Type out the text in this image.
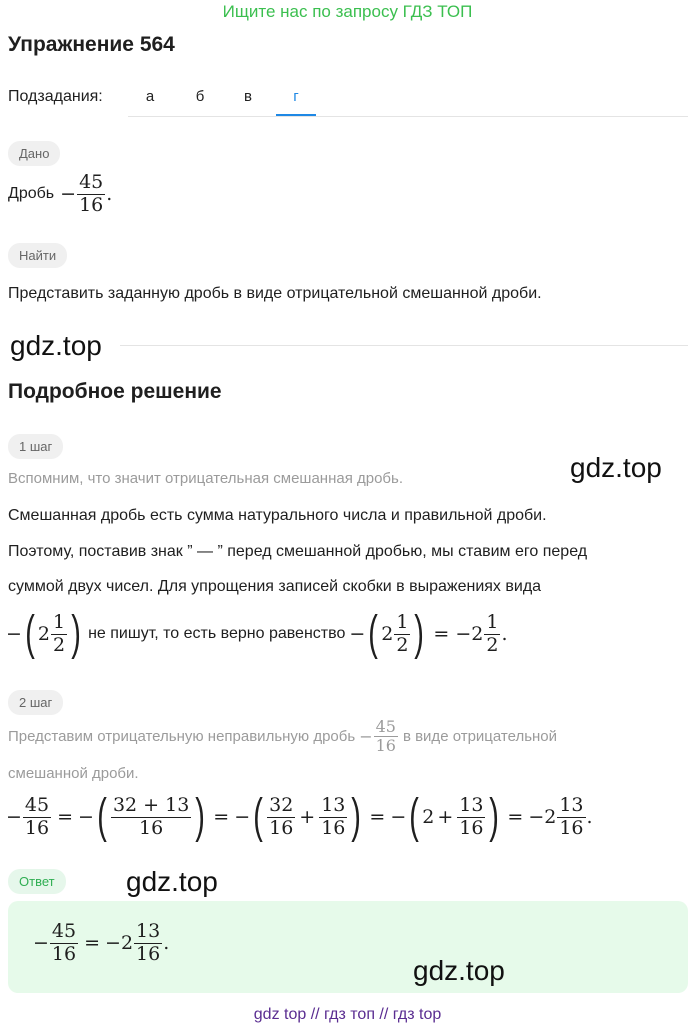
Ищите нас по запросу ГДЗ ТОП
Упражнение 564
Подзадания:	а	б	в	г
Дано
Дробь − $\frac{45}{16}$ .
Найти
Представить заданную дробь в виде отрицательной смешанной дроби.
gdz.top
Подробное решение
1 шаг
gdz.top
Вспомним, что значит отрицательная смешанная дробь.
Смешанная дробь есть сумма натурального числа и правильной дроби.
Поэтому, поставив знак ” — ” перед смешанной дробью, мы ставим его перед
суммой двух чисел. Для упрощения записей скобки в выражениях вида
− ( $2 \frac{1}{2}$ ) не пишут, то есть верно равенство − ( $2 \frac{1}{2}$ ) = − $2 \frac{1}{2}$ .
2 шаг
Представим отрицательную неправильную дробь − $\frac{45}{16}$ в виде отрицательной
смешанной дроби.
− $\frac{45}{16}$ = − ( $\frac{32 + 13}{16}$ ) = − ( $\frac{32}{16} + \frac{13}{16}$ ) = − ( $2 + \frac{13}{16}$ ) = − $2 \frac{13}{16}$ .
Ответ	gdz.top
− $\frac{45}{16}$ = − $2 \frac{13}{16}$ .
gdz.top
gdz top // гдз топ // гдз top
